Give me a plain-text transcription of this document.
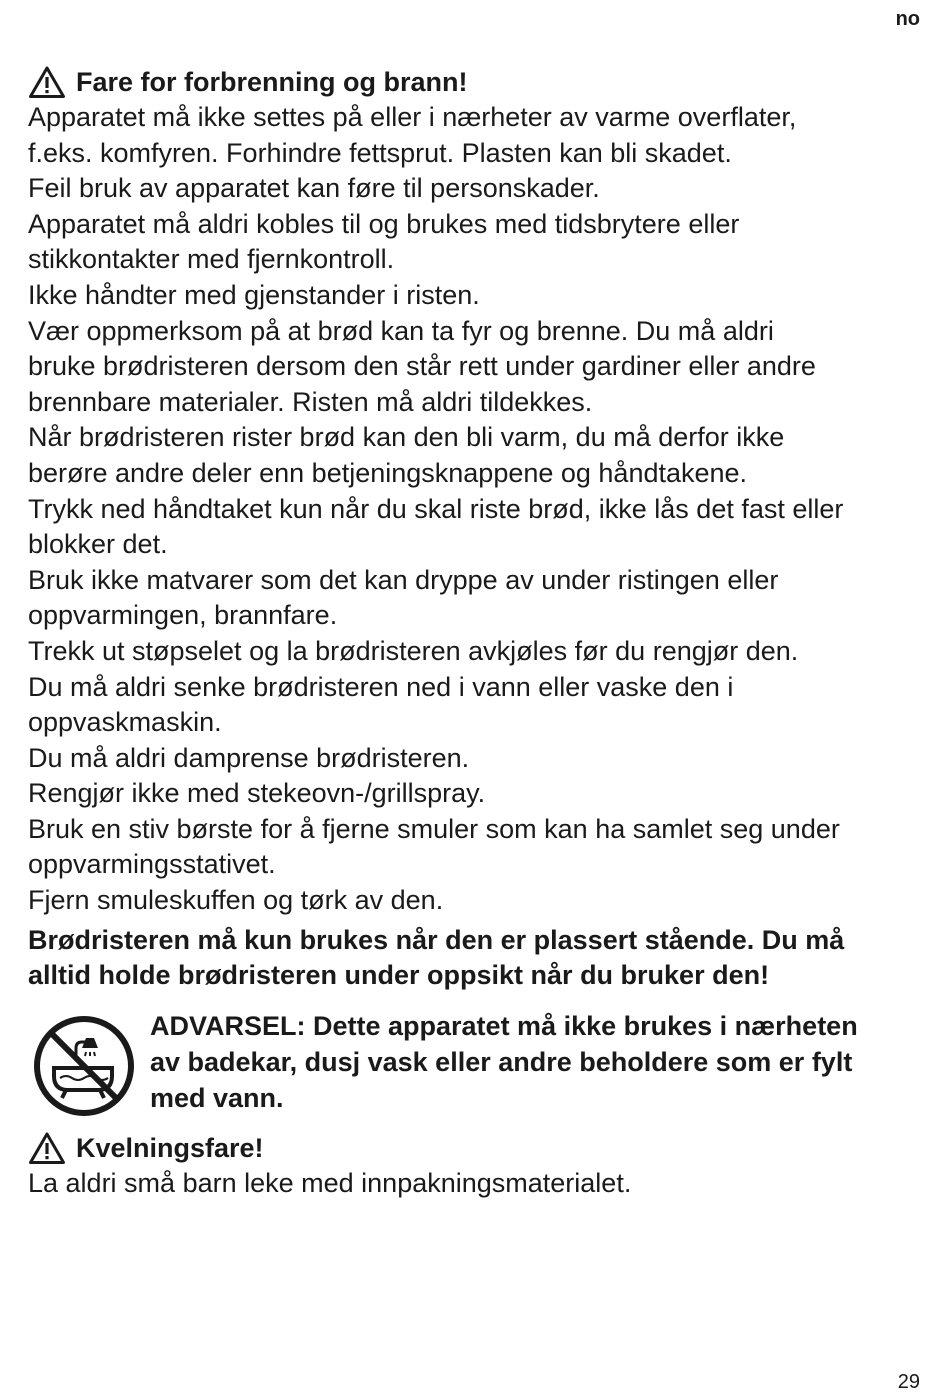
no
Fare for forbrenning og brann!

Apparatet må ikke settes på eller i nærheter av varme overflater,

f.eks. komfyren. Forhindre fettsprut. Plasten kan bli skadet.

Feil bruk av apparatet kan føre til personskader.

Apparatet må aldri kobles til og brukes med tidsbrytere eller

stikkontakter med fjernkontroll.

Ikke håndter med gjenstander i risten.

Vær oppmerksom på at brød kan ta fyr og brenne. Du må aldri

bruke brødristeren dersom den står rett under gardiner eller andre

brennbare materialer. Risten må aldri tildekkes.

Når brødristeren rister brød kan den bli varm, du må derfor ikke

berøre andre deler enn betjeningsknappene og håndtakene.

Trykk ned håndtaket kun når du skal riste brød, ikke lås det fast eller

blokker det.

Bruk ikke matvarer som det kan dryppe av under ristingen eller

oppvarmingen, brannfare.

Trekk ut støpselet og la brødristeren avkjøles før du rengjør den.

Du må aldri senke brødristeren ned i vann eller vaske den i

oppvaskmaskin.

Du må aldri damprense brødristeren.

Rengjør ikke med stekeovn-/grillspray.

Bruk en stiv børste for å fjerne smuler som kan ha samlet seg under

oppvarmingsstativet.

Fjern smuleskuffen og tørk av den.

Brødristeren må kun brukes når den er plassert stående. Du må

alltid holde brødristeren under oppsikt når du bruker den!

ADVARSEL: Dette apparatet må ikke brukes i nærheten
av badekar, dusj vask eller andre beholdere som er fylt
med vann.
Kvelningsfare!

La aldri små barn leke med innpakningsmaterialet.

29
